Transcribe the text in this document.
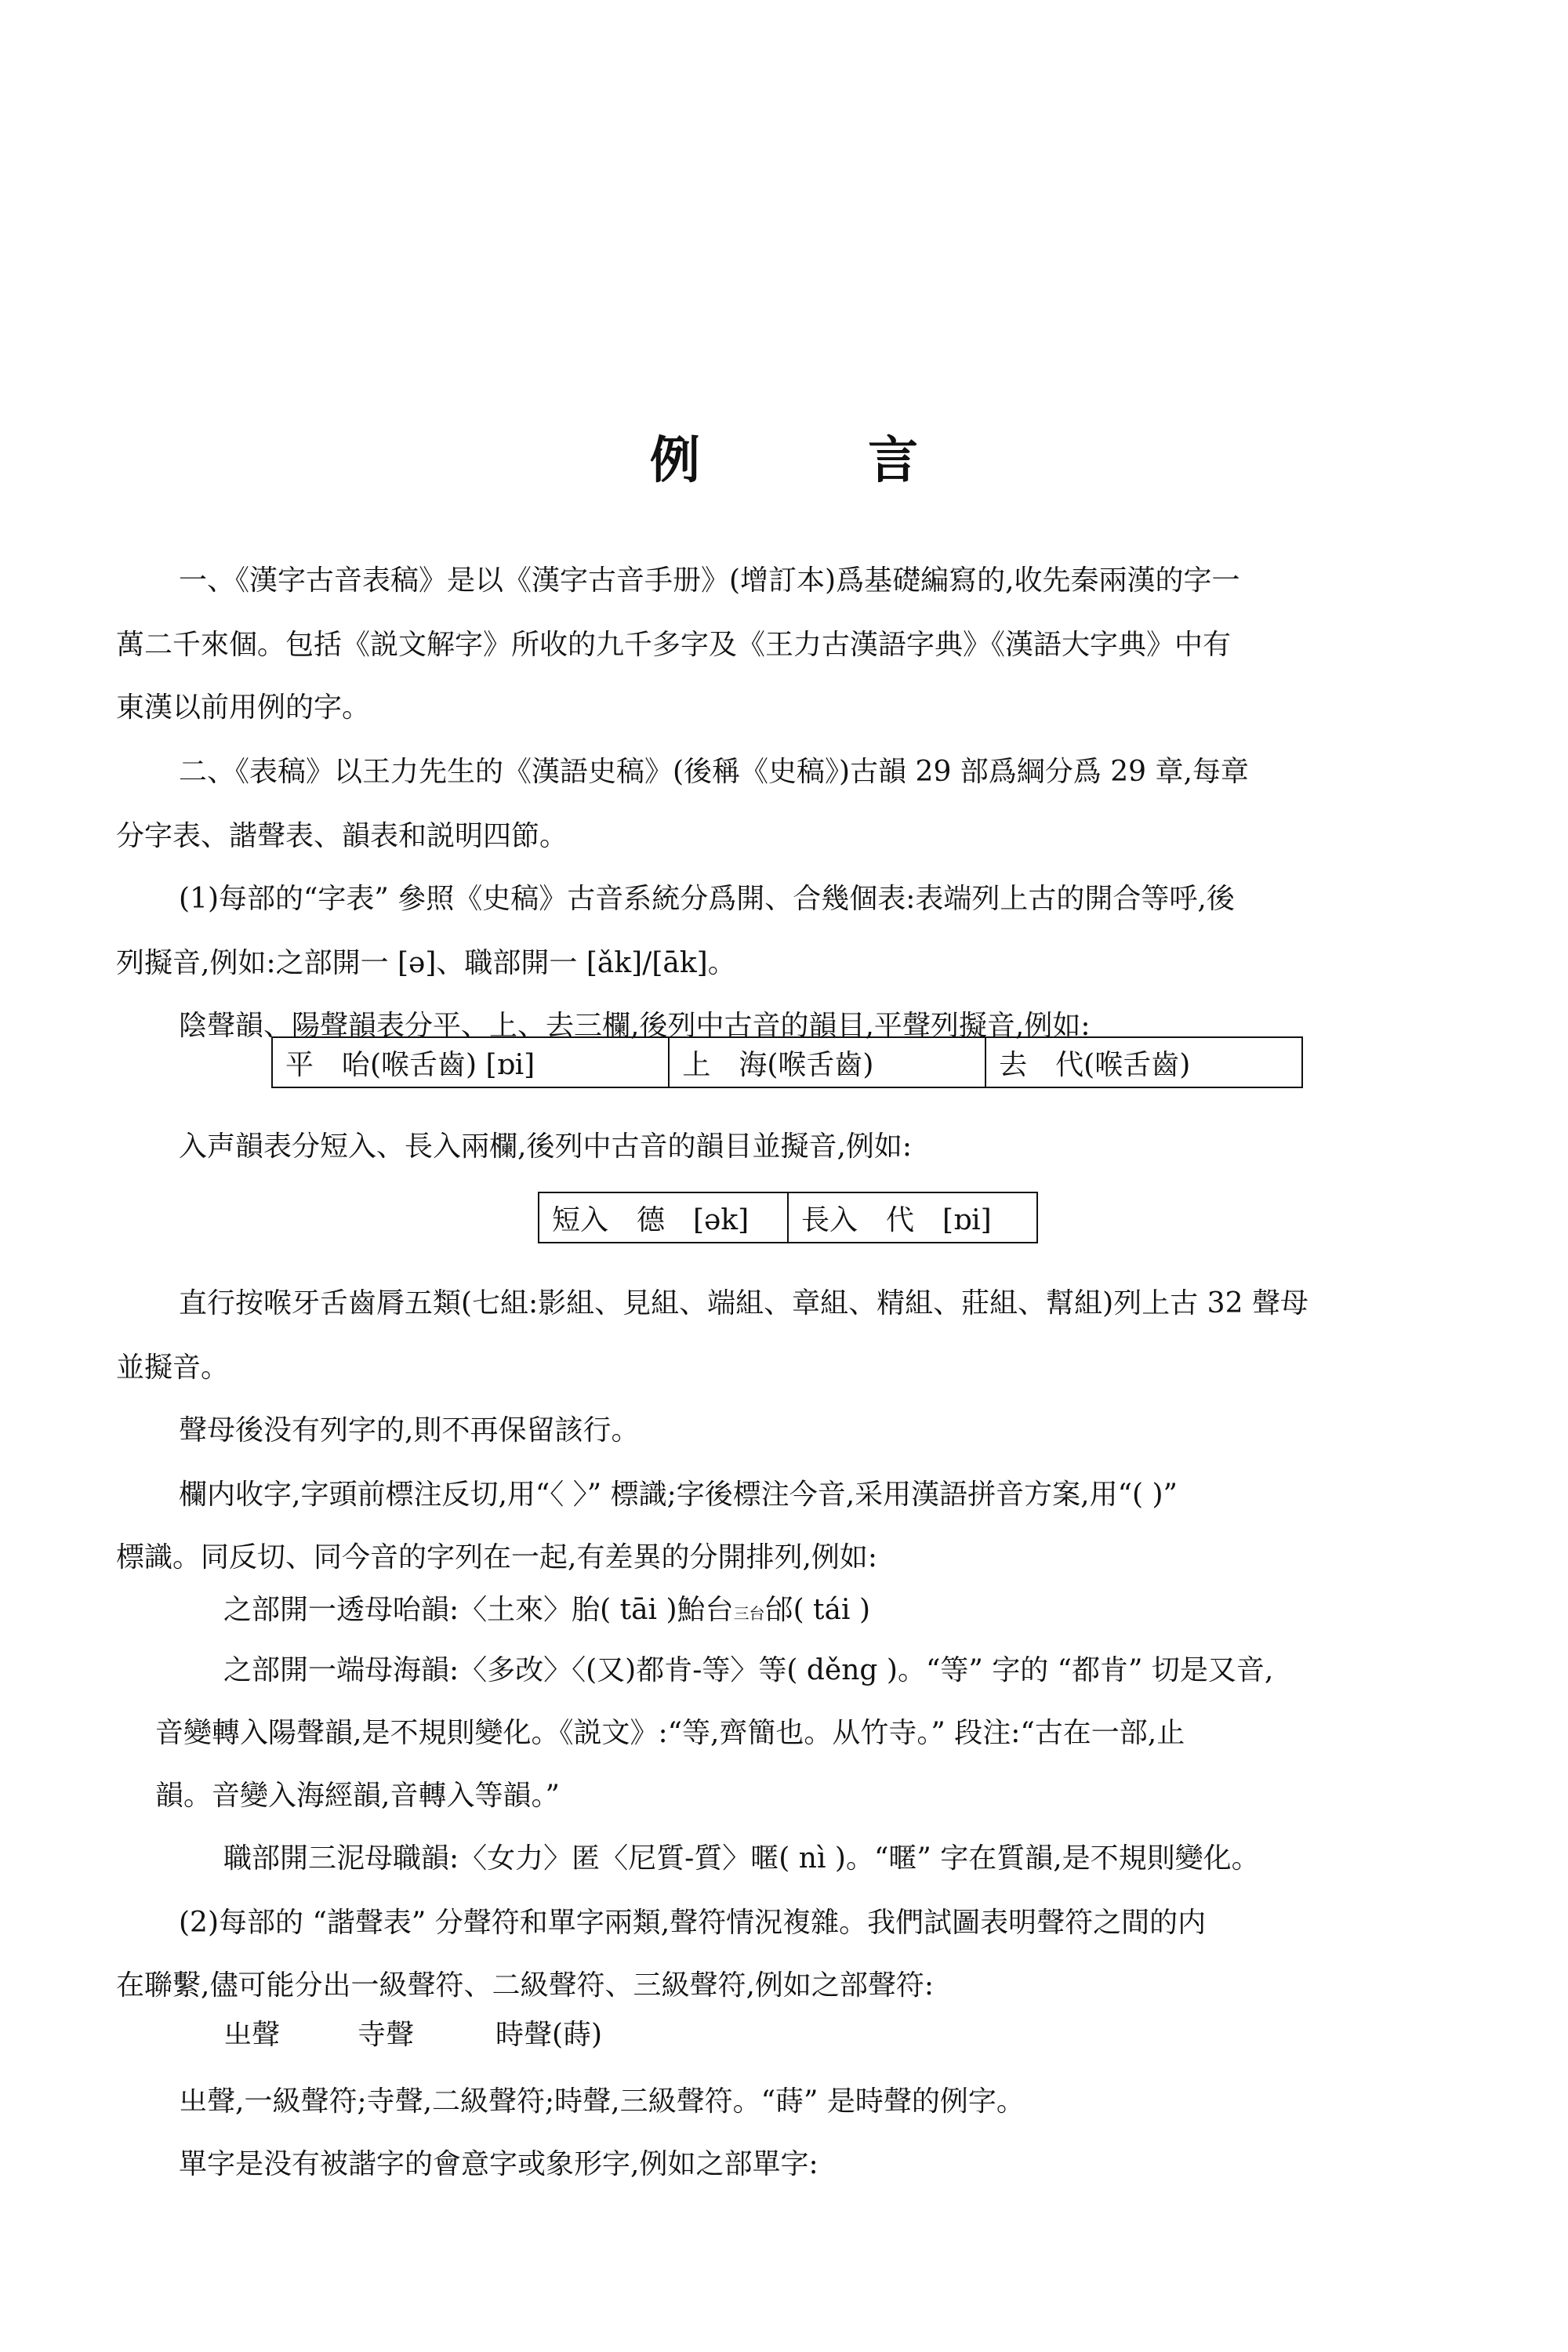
例 言
一、《漢字古音表稿》是以《漢字古音手册》(增訂本)爲基礎編寫的,收先秦兩漢的字一
萬二千來個。包括《説文解字》所收的九千多字及《王力古漢語字典》《漢語大字典》中有
東漢以前用例的字。
二、《表稿》以王力先生的《漢語史稿》(後稱《史稿》)古韻 29 部爲綱分爲 29 章,每章
分字表、諧聲表、韻表和説明四節。
(1)每部的“字表” 參照《史稿》古音系統分爲開、合幾個表:表端列上古的開合等呼,後
列擬音,例如:之部開一 [ə]、職部開一 [ǎk]/[āk]。
陰聲韻、陽聲韻表分平、上、去三欄,後列中古音的韻目,平聲列擬音,例如:
平　咍(喉舌齒) [ɒi]	上　海(喉舌齒)	去　代(喉舌齒)
入声韻表分短入、長入兩欄,後列中古音的韻目並擬音,例如:
短入　德　[ək]	長入　代　[ɒi]
直行按喉牙舌齒脣五類(七組:影組、見組、端組、章組、精組、莊組、幫組)列上古 32 聲母
並擬音。
聲母後没有列字的,則不再保留該行。
欄内收字,字頭前標注反切,用“〈 〉” 標識;字後標注今音,采用漢語拼音方案,用“( )”
標識。同反切、同今音的字列在一起,有差異的分開排列,例如:
之部開一透母咍韻:〈土來〉胎( tāi )鮐台三台邰( tái )
之部開一端母海韻:〈多改〉〈(又)都肯-等〉等( děng )。“等” 字的 “都肯” 切是又音,
音變轉入陽聲韻,是不規則變化。《説文》:“等,齊簡也。从竹寺。” 段注:“古在一部,止
韻。音變入海經韻,音轉入等韻。”
職部開三泥母職韻:〈女力〉匿〈尼質-質〉暱( nì )。“暱” 字在質韻,是不規則變化。
(2)每部的 “諧聲表” 分聲符和單字兩類,聲符情況複雜。我們試圖表明聲符之間的内
在聯繫,儘可能分出一級聲符、二級聲符、三級聲符,例如之部聲符:
㞢聲	寺聲	時聲(蒔)
㞢聲,一級聲符;寺聲,二級聲符;時聲,三級聲符。“蒔” 是時聲的例字。
單字是没有被諧字的會意字或象形字,例如之部單字:
